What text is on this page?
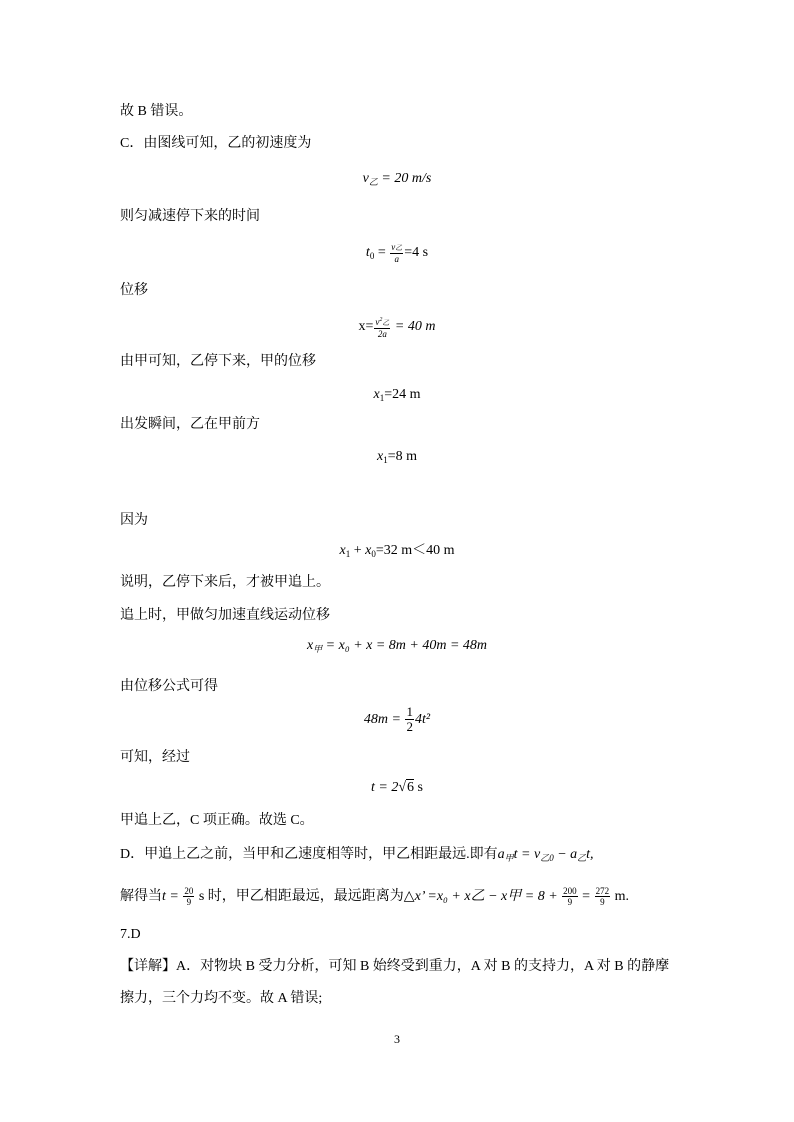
故 B 错误。
C．由图线可知，乙的初速度为
$v_乙 = 20$ m/s
则匀减速停下来的时间
$t_0 = \frac{\text{v乙}}{a} =4$ s
位移
$x= \frac{v^2乙}{2a} = 40$ m
由甲可知，乙停下来，甲的位移
$x_1=24$ m
出发瞬间，乙在甲前方
$x_1=8$ m
因为
$x_1 + x_0=32$ m＜40 m
说明，乙停下来后，才被甲追上。
追上时，甲做匀加速直线运动位移
$x_甲 = x_0 + x = 8m + 40m = 48m$
由位移公式可得
$48m = \frac{1}{2} 4t^2$
可知，经过
t = 2√6 s
甲追上乙，C 项正确。故选 C。
D．甲追上乙之前，当甲和乙速度相等时，甲乙相距最远.即有$a_甲t = v_{乙0} - a_乙t$,
解得当$t = \frac{20}{9}$ s 时，甲乙相距最远，最远距离为△x’ =x₀ + x乙 − x甲 = $8 + \frac{200}{9} = \frac{272}{9} m$.
7.D
【详解】A．对物块 B 受力分析，可知 B 始终受到重力，A 对 B 的支持力，A 对 B 的静摩
擦力，三个力均不变。故 A 错误;
3
